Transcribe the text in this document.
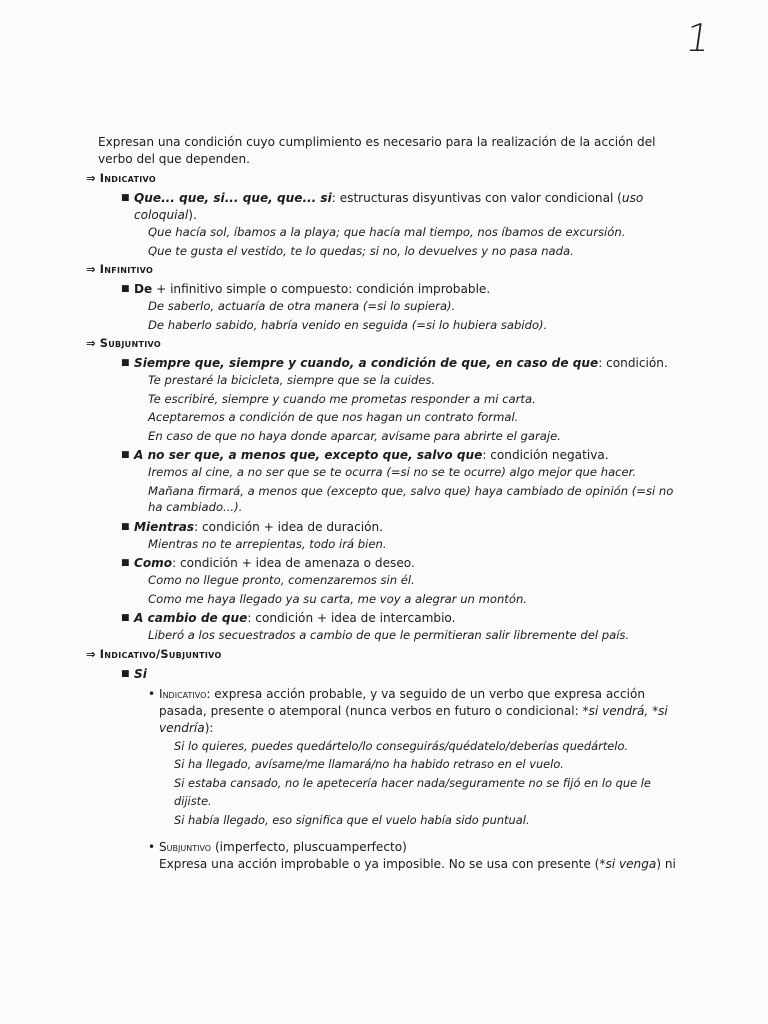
1

Expresan una condición cuyo cumplimiento es necesario para la realización de la acción del verbo del que dependen.

⇒ Indicativo
■ Que... que, si... que, que... si: estructuras disyuntivas con valor condicional (uso coloquial).
Que hacía sol, íbamos a la playa; que hacía mal tiempo, nos íbamos de excursión.
Que te gusta el vestido, te lo quedas; si no, lo devuelves y no pasa nada.
⇒ Infinitivo
■ De + infinitivo simple o compuesto: condición improbable.
De saberlo, actuaría de otra manera (=si lo supiera).
De haberlo sabido, habría venido en seguida (=si lo hubiera sabido).
⇒ Subjuntivo
■ Siempre que, siempre y cuando, a condición de que, en caso de que: condición.
Te prestaré la bicicleta, siempre que se la cuides.
Te escribiré, siempre y cuando me prometas responder a mi carta.
Aceptaremos a condición de que nos hagan un contrato formal.
En caso de que no haya donde aparcar, avísame para abrirte el garaje.
■ A no ser que, a menos que, excepto que, salvo que: condición negativa.
Iremos al cine, a no ser que se te ocurra (=si no se te ocurre) algo mejor que hacer.
Mañana firmará, a menos que (excepto que, salvo que) haya cambiado de opinión (=si no ha cambiado...).
■ Mientras: condición + idea de duración.
Mientras no te arrepientas, todo irá bien.
■ Como: condición + idea de amenaza o deseo.
Como no llegue pronto, comenzaremos sin él.
Como me haya llegado ya su carta, me voy a alegrar un montón.
■ A cambio de que: condición + idea de intercambio.
Liberó a los secuestrados a cambio de que le permitieran salir libremente del país.
⇒ Indicativo/Subjuntivo
■ Si
• Indicativo: expresa acción probable, y va seguido de un verbo que expresa acción pasada, presente o atemporal (nunca verbos en futuro o condicional: *si vendrá, *si vendría):
Si lo quieres, puedes quedártelo/lo conseguirás/quédatelo/deberías quedártelo.
Si ha llegado, avísame/me llamará/no ha habido retraso en el vuelo.
Si estaba cansado, no le apetecería hacer nada/seguramente no se fijó en lo que le dijiste.
Si había llegado, eso significa que el vuelo había sido puntual.
• Subjuntivo (imperfecto, pluscuamperfecto)
Expresa una acción improbable o ya imposible. No se usa con presente (*si venga) ni
